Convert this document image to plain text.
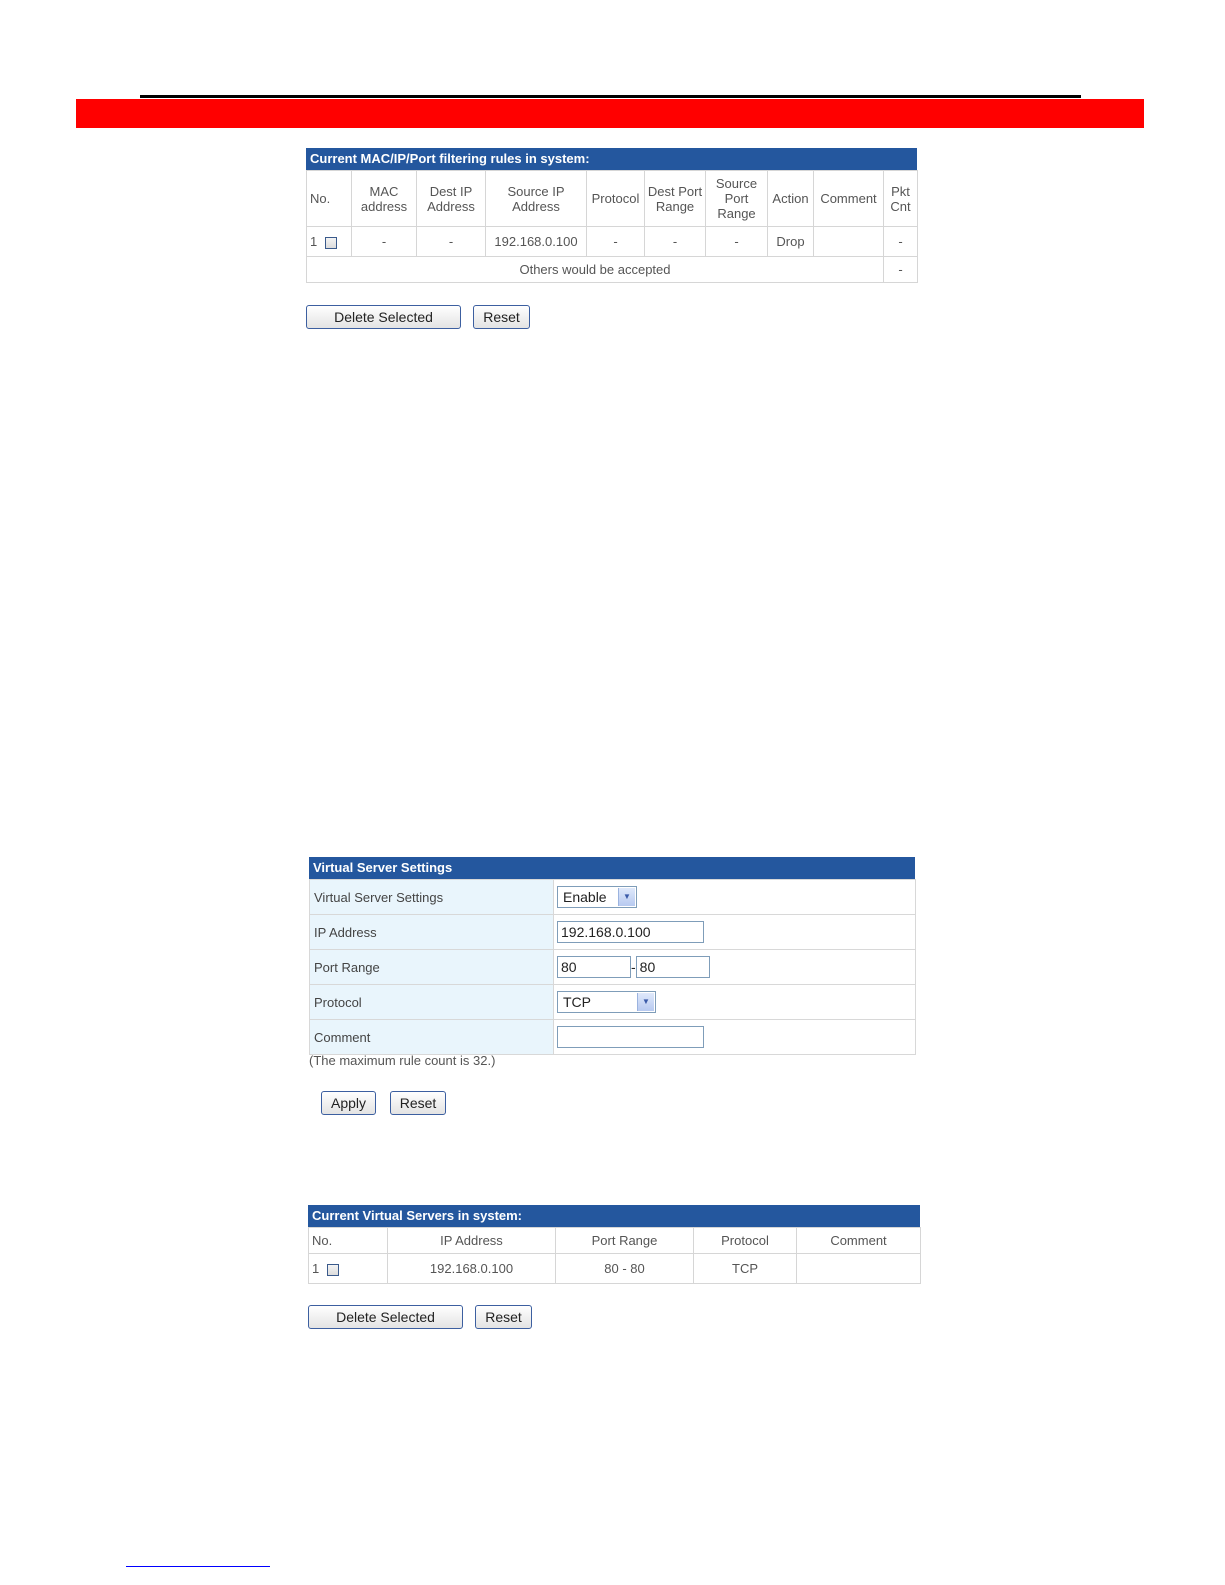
Current MAC/IP/Port filtering rules in system:
No.	MAC address	Dest IP Address	Source IP Address	Protocol	Dest Port Range	Source Port Range	Action	Comment	Pkt Cnt
1	-	-	192.168.0.100	-	-	-	Drop		-
Others would be accepted									-
Delete Selected	Reset
Virtual Server Settings
Virtual Server Settings	Enable ▼

IP Address	192.168.0.100
Port Range	80 - 80
Protocol	TCP ▼

Comment	
(The maximum rule count is 32.)
Apply	Reset
Current Virtual Servers in system:
No.	IP Address	Port Range	Protocol	Comment
1	192.168.0.100	80 - 80	TCP	
Delete Selected	Reset
